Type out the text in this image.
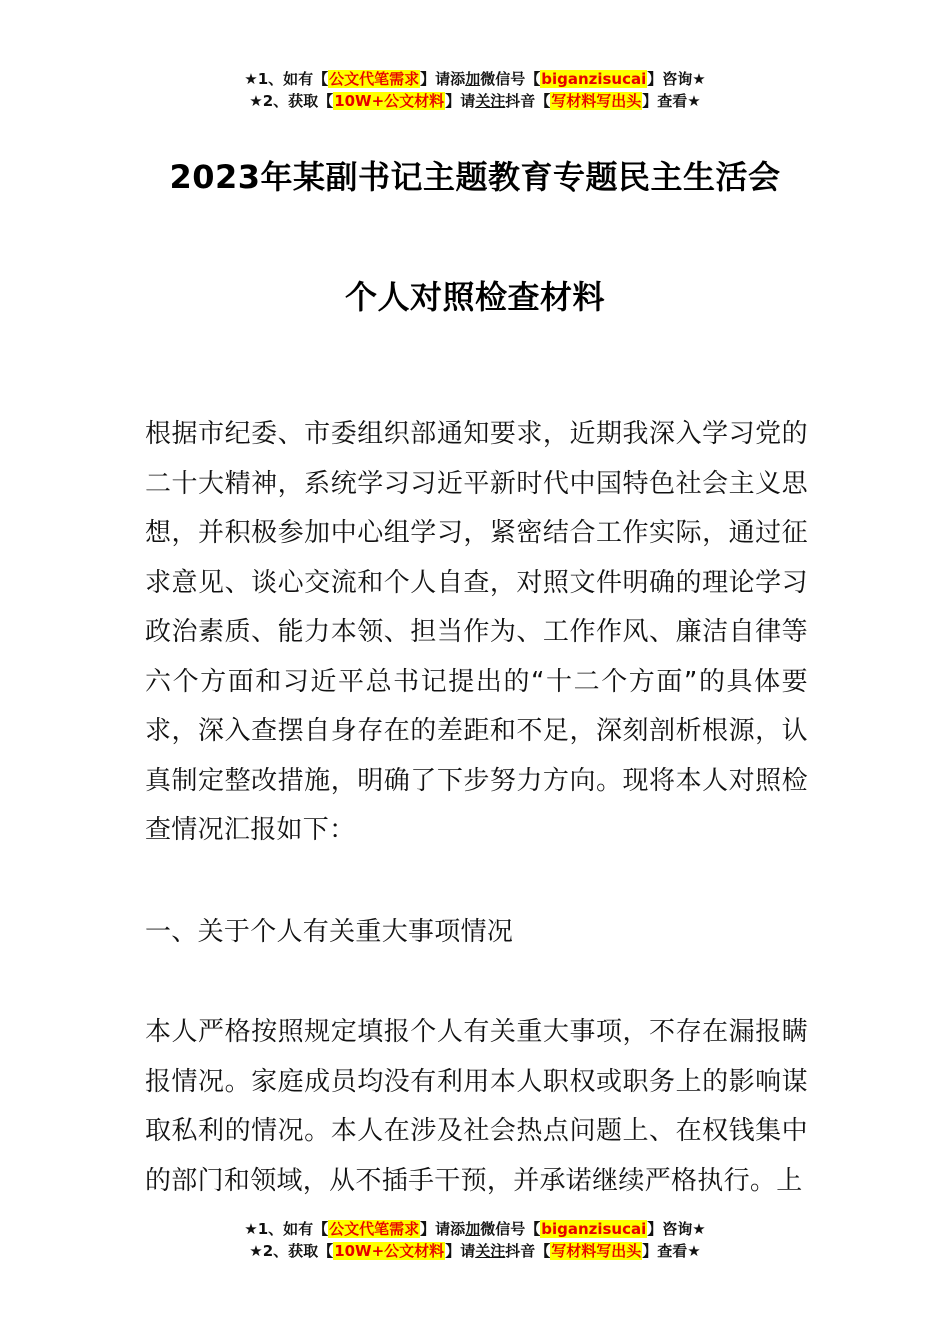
★1、如有【公文代笔需求】请添加微信号【biganzisucai】咨询★
★2、获取【10W+公文材料】请关注抖音【写材料写出头】查看★
2023年某副书记主题教育专题民主生活会
个人对照检查材料
根据市纪委、市委组织部通知要求，近期我深入学习党的二十大精神，系统学习习近平新时代中国特色社会主义思想，并积极参加中心组学习，紧密结合工作实际，通过征求意见、谈心交流和个人自查，对照文件明确的理论学习政治素质、能力本领、担当作为、工作作风、廉洁自律等六个方面和习近平总书记提出的“十二个方面”的具体要求，深入查摆自身存在的差距和不足，深刻剖析根源，认真制定整改措施，明确了下步努力方向。现将本人对照检查情况汇报如下：
一、关于个人有关重大事项情况
本人严格按照规定填报个人有关重大事项，不存在漏报瞒报情况。家庭成员均没有利用本人职权或职务上的影响谋取私利的情况。本人在涉及社会热点问题上、在权钱集中的部门和领域，从不插手干预，并承诺继续严格执行。上
★1、如有【公文代笔需求】请添加微信号【biganzisucai】咨询★
★2、获取【10W+公文材料】请关注抖音【写材料写出头】查看★
